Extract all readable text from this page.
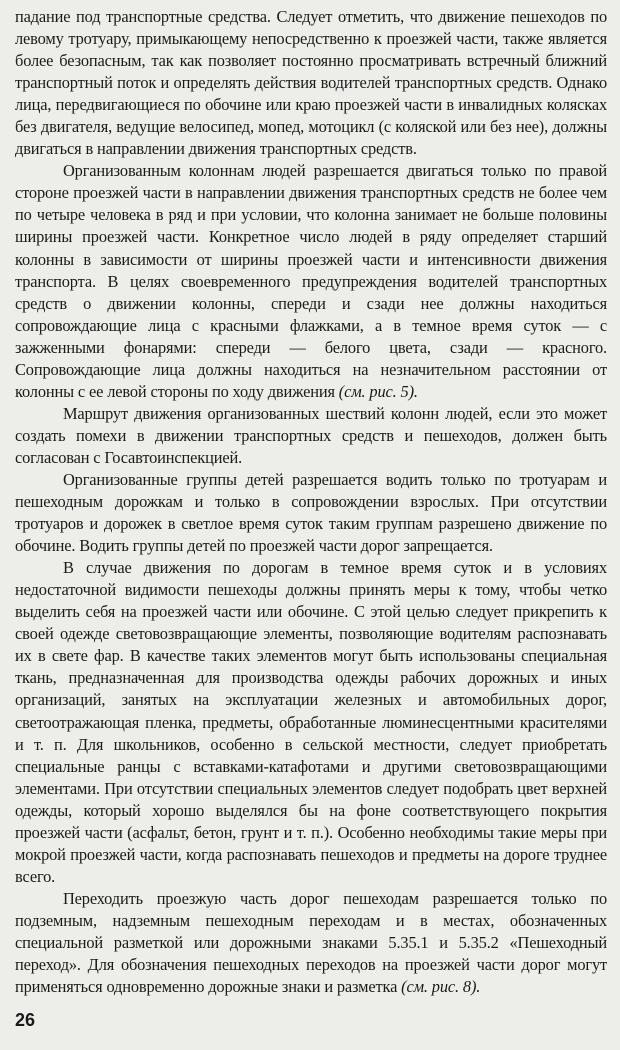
падание под транспортные средства. Следует отметить, что движение пешеходов по левому тротуару, примыкающему непосредственно к проезжей части, также является более безопасным, так как позволяет постоянно просматривать встречный ближний транспортный поток и определять действия водителей транспортных средств. Однако лица, передвигающиеся по обочине или краю проезжей части в инвалидных колясках без двигателя, ведущие велосипед, мопед, мотоцикл (с коляской или без нее), должны двигаться в направлении движения транспортных средств.

Организованным колоннам людей разрешается двигаться только по правой стороне проезжей части в направлении движения транспортных средств не более чем по четыре человека в ряд и при условии, что колонна занимает не больше половины ширины проезжей части. Конкретное число людей в ряду определяет старший колонны в зависимости от ширины проезжей части и интенсивности движения транспорта. В целях своевременного предупреждения водителей транспортных средств о движении колонны, спереди и сзади нее должны находиться сопровождающие лица с красными флажками, а в темное время суток — с зажженными фонарями: спереди — белого цвета, сзади — красного. Сопровождающие лица должны находиться на незначительном расстоянии от колонны с ее левой стороны по ходу движения (см. рис. 5).

Маршрут движения организованных шествий колонн людей, если это может создать помехи в движении транспортных средств и пешеходов, должен быть согласован с Госавтоинспекцией.

Организованные группы детей разрешается водить только по тротуарам и пешеходным дорожкам и только в сопровождении взрослых. При отсутствии тротуаров и дорожек в светлое время суток таким группам разрешено движение по обочине. Водить группы детей по проезжей части дорог запрещается.

В случае движения по дорогам в темное время суток и в условиях недостаточной видимости пешеходы должны принять меры к тому, чтобы четко выделить себя на проезжей части или обочине. С этой целью следует прикрепить к своей одежде световозвращающие элементы, позволяющие водителям распознавать их в свете фар. В качестве таких элементов могут быть использованы специальная ткань, предназначенная для производства одежды рабочих дорожных и иных организаций, занятых на эксплуатации железных и автомобильных дорог, светоотражающая пленка, предметы, обработанные люминесцентными красителями и т. п. Для школьников, особенно в сельской местности, следует приобретать специальные ранцы с вставками-катафотами и другими световозвращающими элементами. При отсутствии специальных элементов следует подобрать цвет верхней одежды, который хорошо выделялся бы на фоне соответствующего покрытия проезжей части (асфальт, бетон, грунт и т. п.). Особенно необходимы такие меры при мокрой проезжей части, когда распознавать пешеходов и предметы на дороге труднее всего.

Переходить проезжую часть дорог пешеходам разрешается только по подземным, надземным пешеходным переходам и в местах, обозначенных специальной разметкой или дорожными знаками 5.35.1 и 5.35.2 «Пешеходный переход». Для обозначения пешеходных переходов на проезжей части дорог могут применяться одновременно дорожные знаки и разметка (см. рис. 8).

26
